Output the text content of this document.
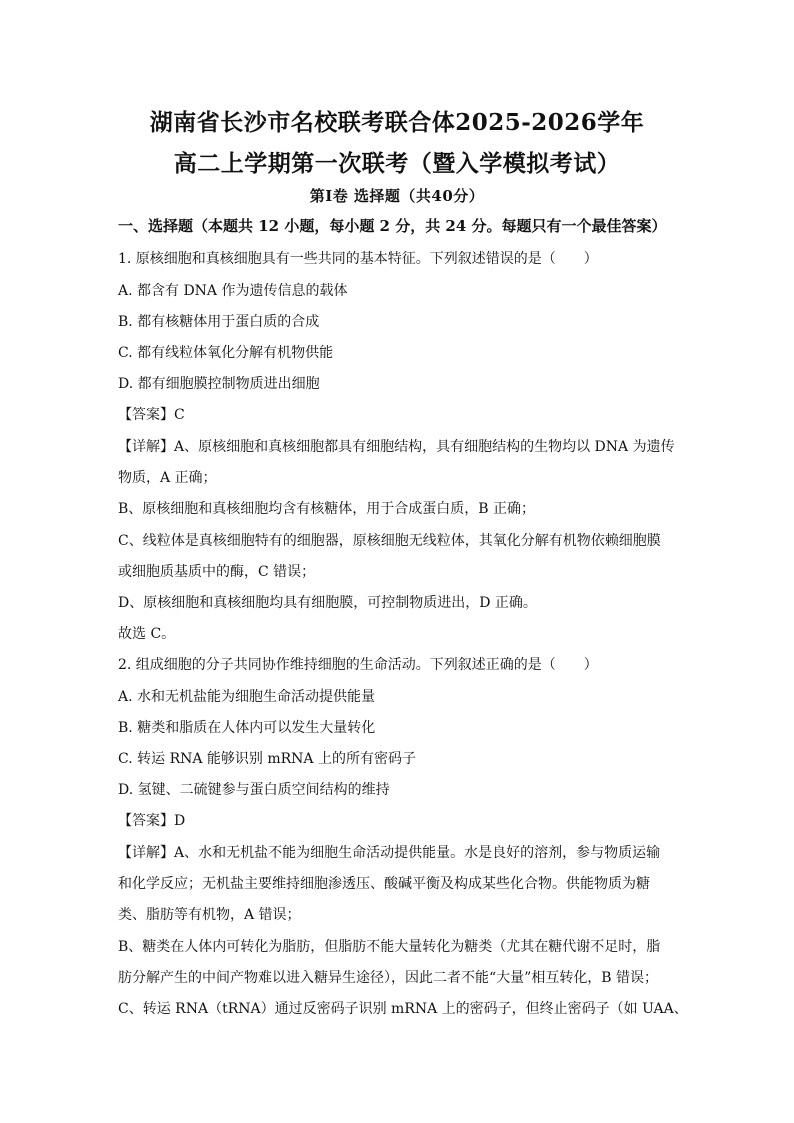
湖南省长沙市名校联考联合体2025-2026学年
高二上学期第一次联考（暨入学模拟考试）
第Ⅰ卷 选择题（共40分）
一、选择题（本题共 12 小题，每小题 2 分，共 24 分。每题只有一个最佳答案）
1. 原核细胞和真核细胞具有一些共同的基本特征。下列叙述错误的是（　　）
A. 都含有 DNA 作为遗传信息的载体
B. 都有核糖体用于蛋白质的合成
C. 都有线粒体氧化分解有机物供能
D. 都有细胞膜控制物质进出细胞
【答案】C
【详解】A、原核细胞和真核细胞都具有细胞结构，具有细胞结构的生物均以 DNA 为遗传
物质，A 正确；
B、原核细胞和真核细胞均含有核糖体，用于合成蛋白质，B 正确；
C、线粒体是真核细胞特有的细胞器，原核细胞无线粒体，其氧化分解有机物依赖细胞膜
或细胞质基质中的酶，C 错误；
D、原核细胞和真核细胞均具有细胞膜，可控制物质进出，D 正确。
故选 C。
2. 组成细胞的分子共同协作维持细胞的生命活动。下列叙述正确的是（　　）
A. 水和无机盐能为细胞生命活动提供能量
B. 糖类和脂质在人体内可以发生大量转化
C. 转运 RNA 能够识别 mRNA 上的所有密码子
D. 氢键、二硫键参与蛋白质空间结构的维持
【答案】D
【详解】A、水和无机盐不能为细胞生命活动提供能量。水是良好的溶剂，参与物质运输
和化学反应；无机盐主要维持细胞渗透压、酸碱平衡及构成某些化合物。供能物质为糖
类、脂肪等有机物，A 错误；
B、糖类在人体内可转化为脂肪，但脂肪不能大量转化为糖类（尤其在糖代谢不足时，脂
肪分解产生的中间产物难以进入糖异生途径），因此二者不能“大量”相互转化，B 错误；
C、转运 RNA（tRNA）通过反密码子识别 mRNA 上的密码子，但终止密码子（如 UAA、
